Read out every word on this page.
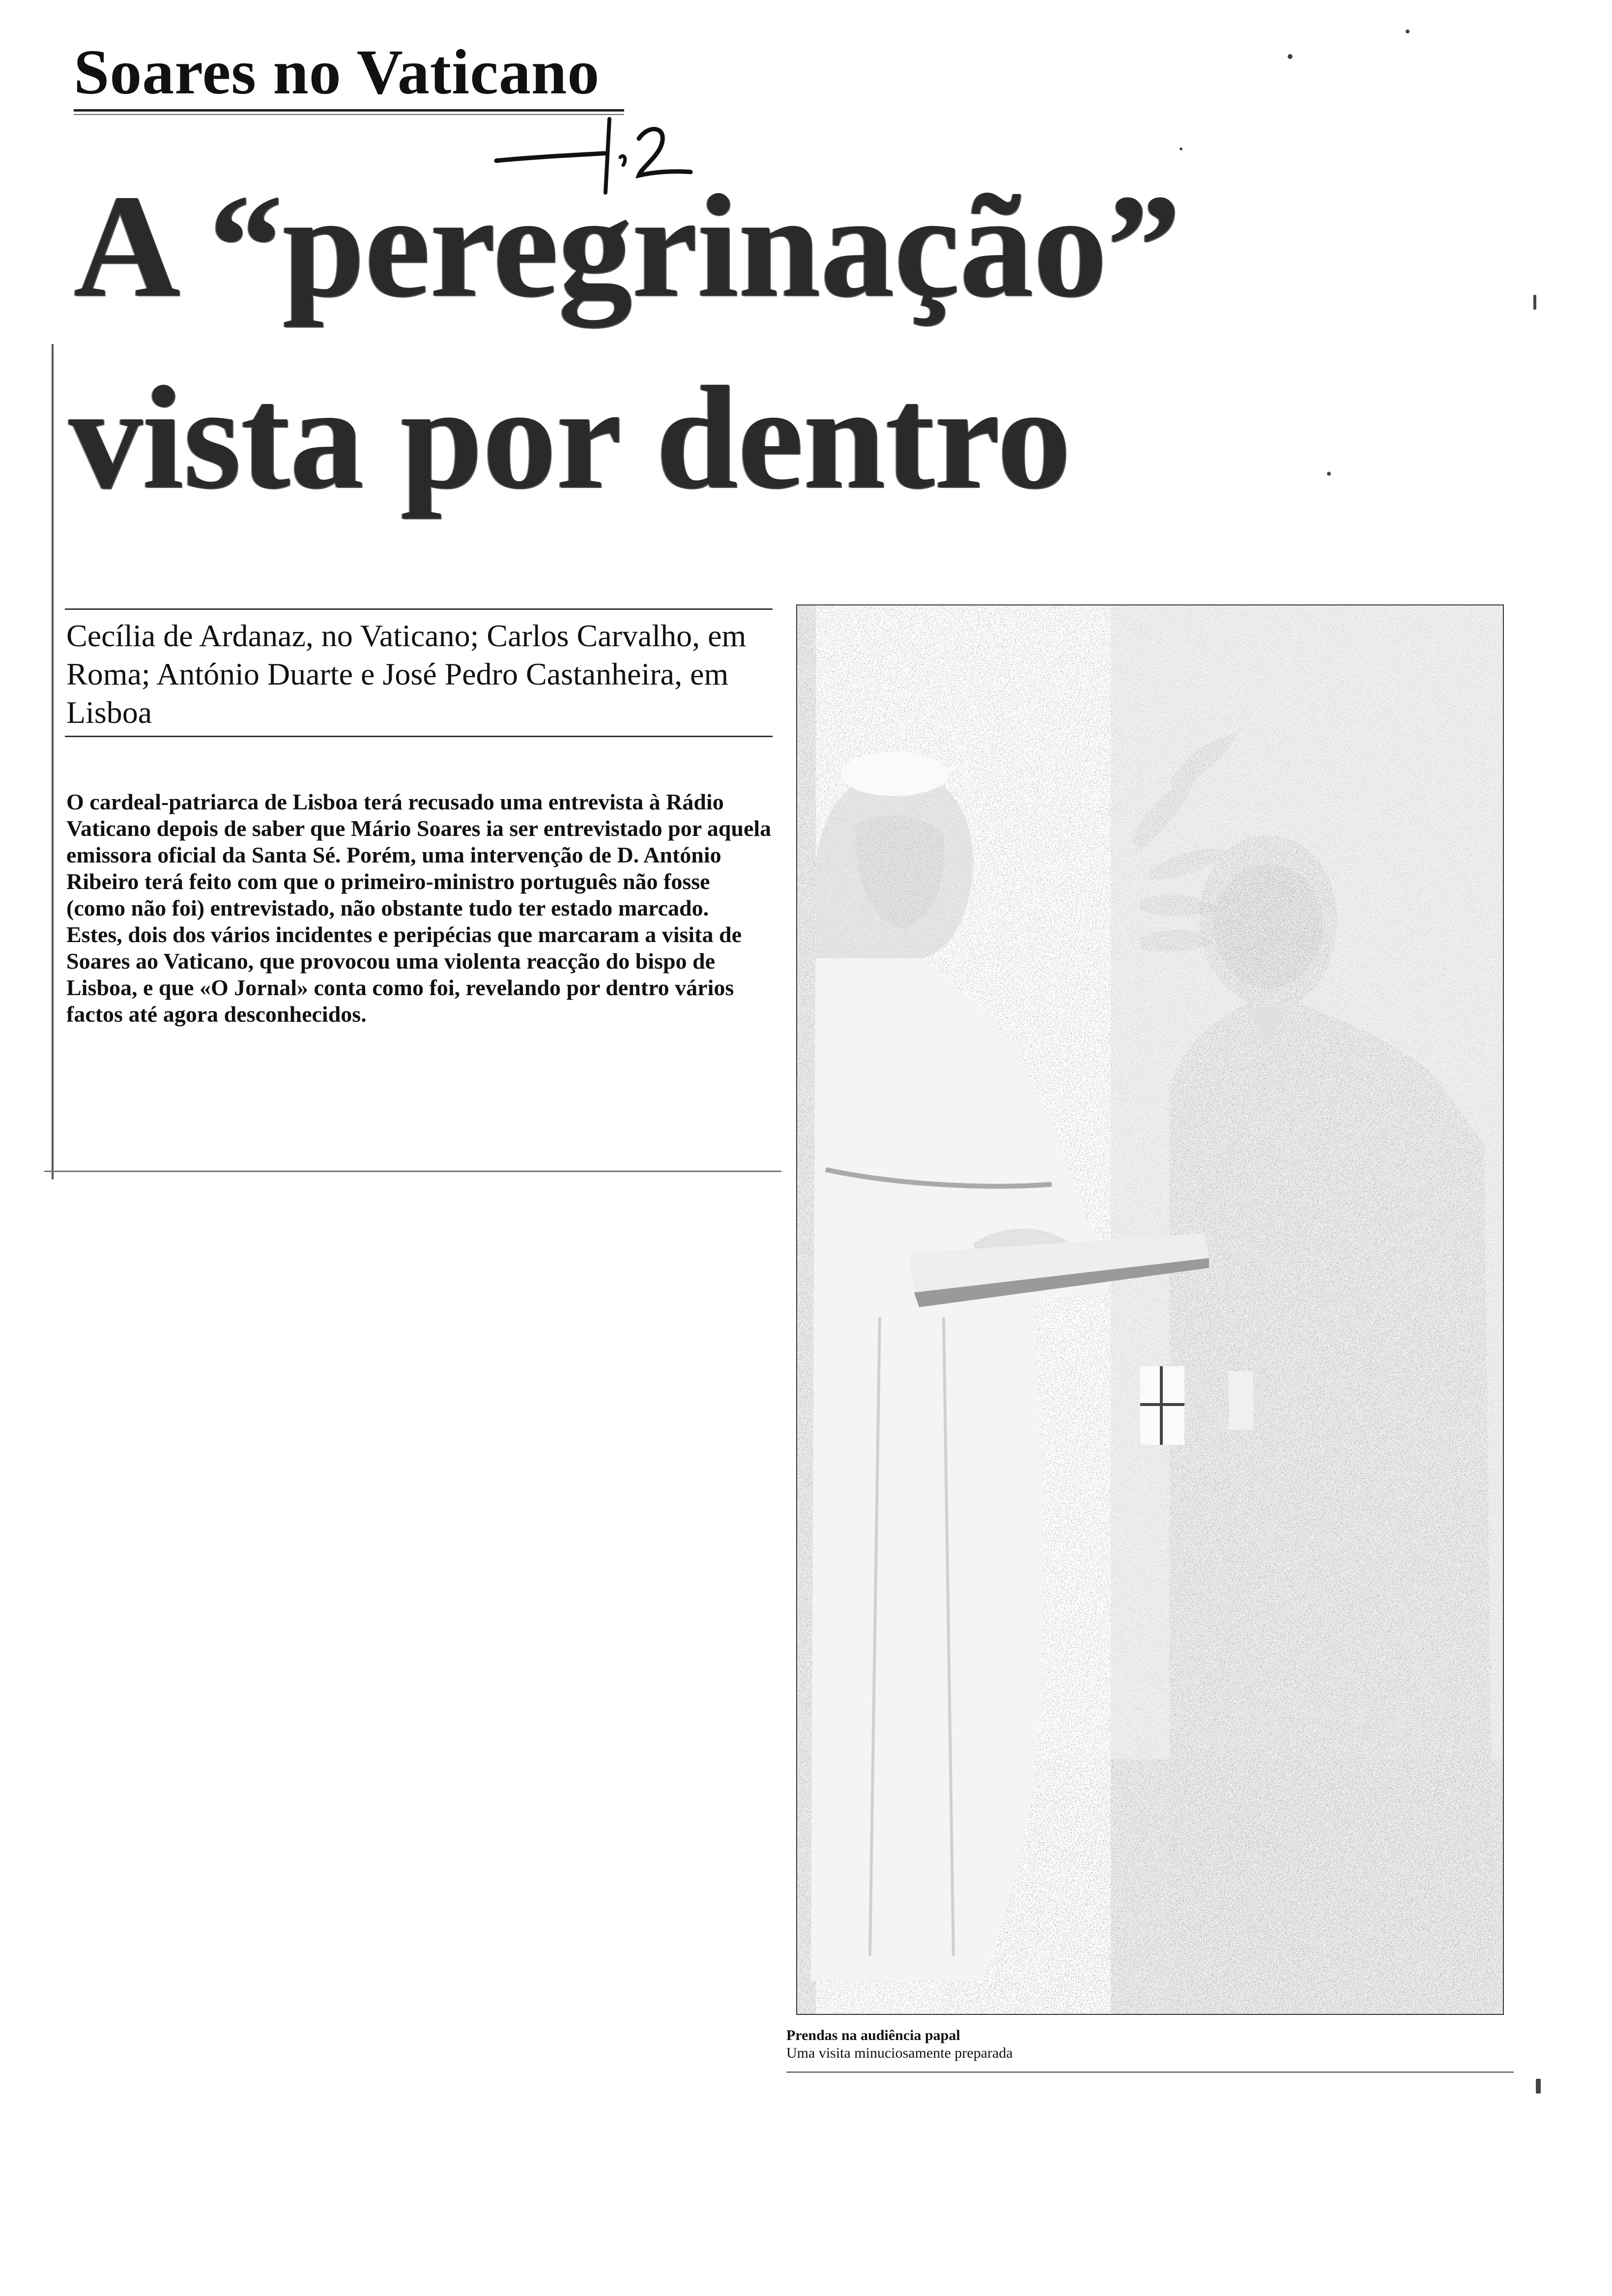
Soares no Vaticano
A “peregrinação”
vista por dentro
Cecília de Ardanaz, no Vaticano; Carlos Carvalho, em Roma; António Duarte e José Pedro Castanheira, em Lisboa

O cardeal-patriarca de Lisboa terá recusado uma entrevista à Rádio Vaticano depois de saber que Mário Soares ia ser entrevistado por aquela emissora oficial da Santa Sé. Porém, uma intervenção de D. António Ribeiro terá feito com que o primeiro-ministro português não fosse (como não foi) entrevistado, não obstante tudo ter estado marcado.

Estes, dois dos vários incidentes e peripécias que marcaram a visita de Soares ao Vaticano, que provocou uma violenta reacção do bispo de Lisboa, e que «O Jornal» conta como foi, revelando por dentro vários factos até agora desconhecidos.

Prendas na audiência papal
Uma visita minuciosamente preparada
